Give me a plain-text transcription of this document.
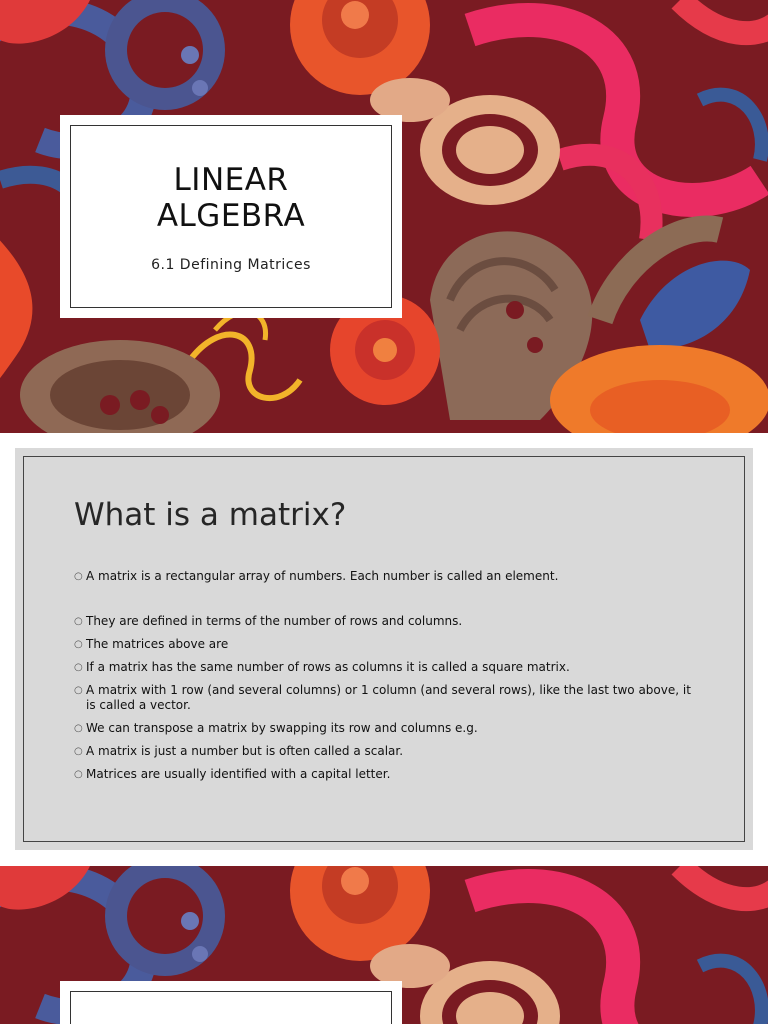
LINEAR
ALGEBRA
6.1 Defining Matrices
What is a matrix?
○ A matrix is a rectangular array of numbers. Each number is called an element.
○ They are defined in terms of the number of rows and columns.
○ The matrices above are
○ If a matrix has the same number of rows as columns it is called a square matrix.
○ A matrix with 1 row (and several columns) or 1 column (and several rows), like the last two above, it is called a vector.
○ We can transpose a matrix by swapping its row and columns e.g.
○ A matrix is just a number but is often called a scalar.
○ Matrices are usually identified with a capital letter.
